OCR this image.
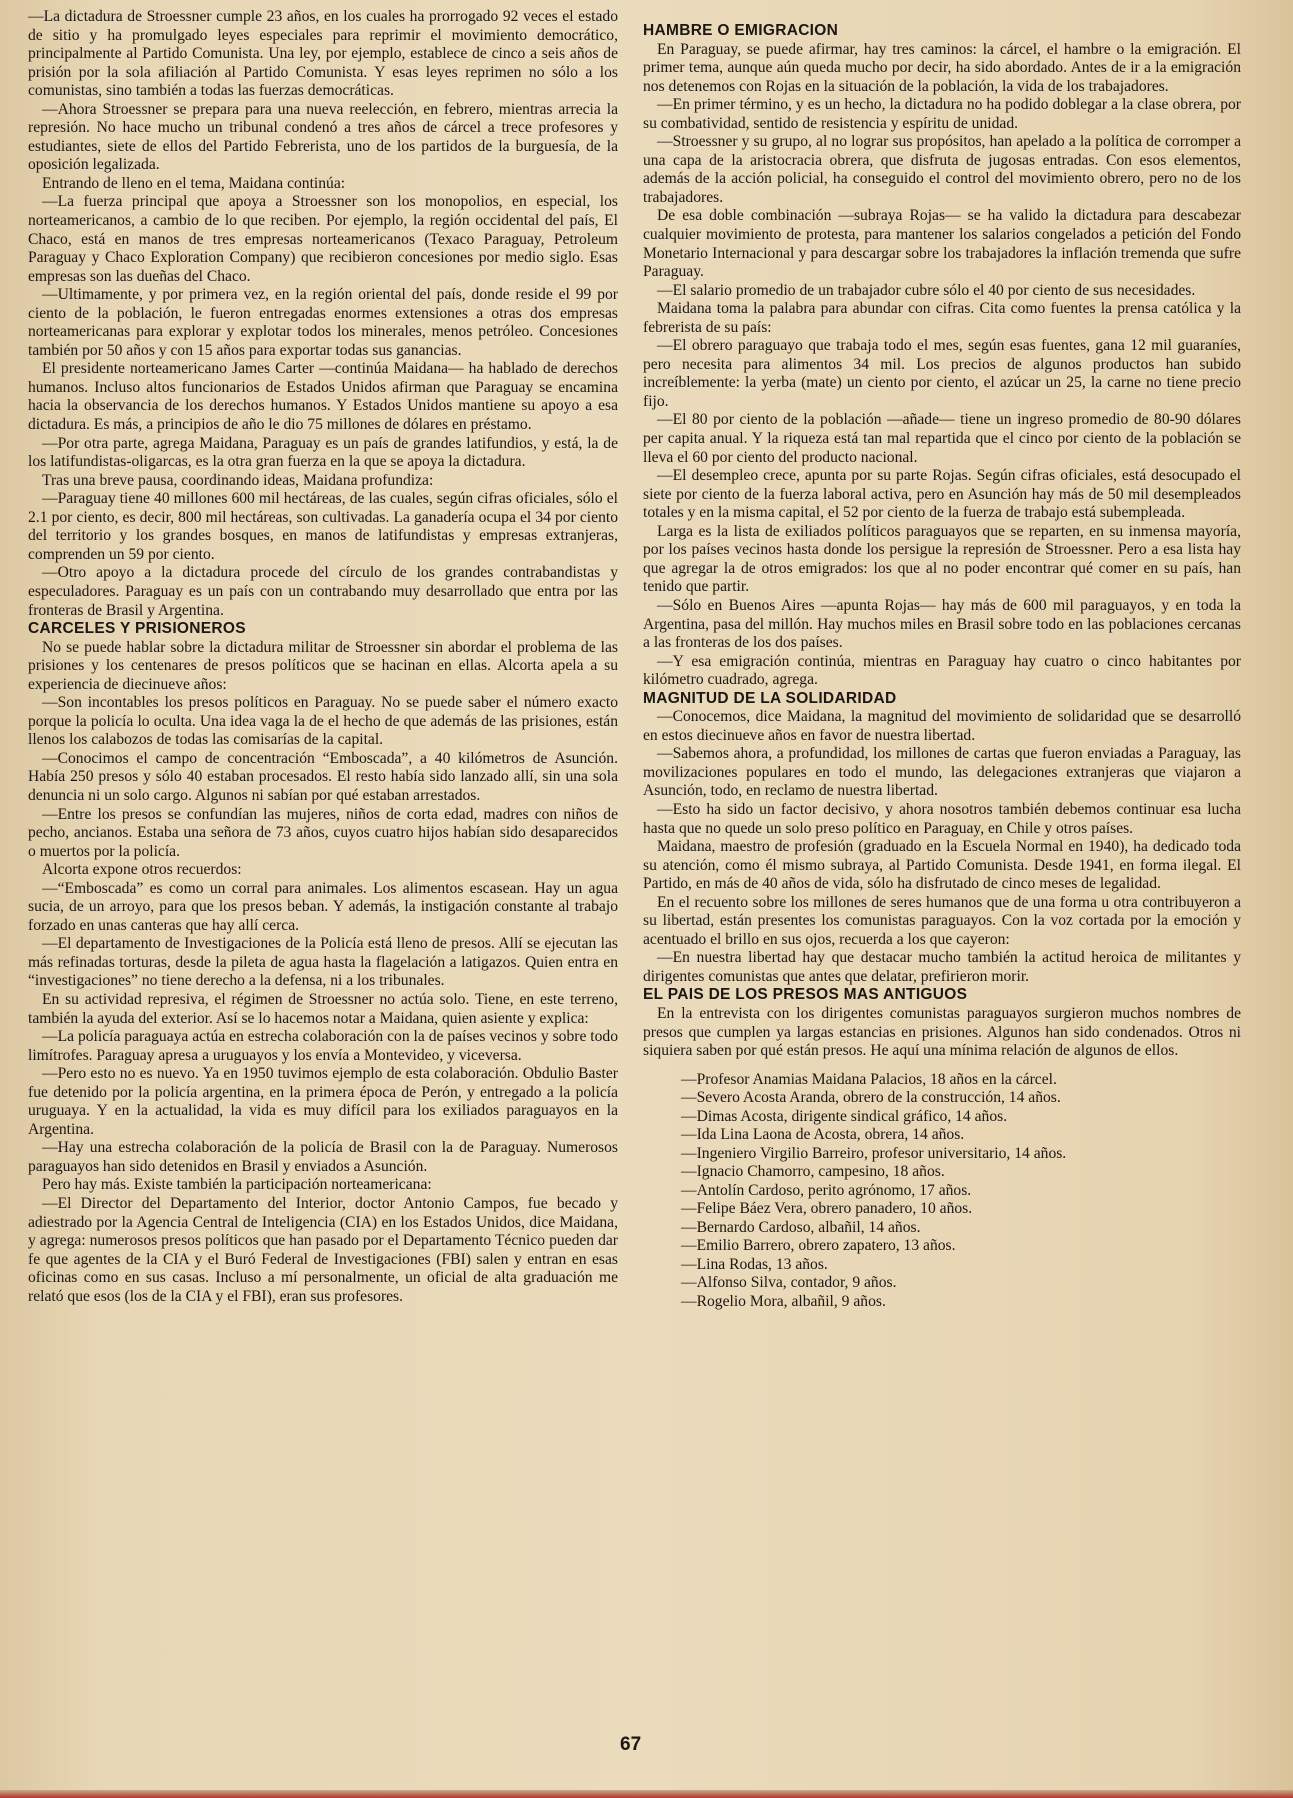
—La dictadura de Stroessner cumple 23 años, en los cuales ha prorrogado 92 veces el estado de sitio y ha promulgado leyes especiales para reprimir el movimiento democrático, principalmente al Partido Comunista. Una ley, por ejemplo, establece de cinco a seis años de prisión por la sola afiliación al Partido Comunista. Y esas leyes reprimen no sólo a los comunistas, sino también a todas las fuerzas democráticas.

—Ahora Stroessner se prepara para una nueva reelección, en febrero, mientras arrecia la represión. No hace mucho un tribunal condenó a tres años de cárcel a trece profesores y estudiantes, siete de ellos del Partido Febrerista, uno de los partidos de la burguesía, de la oposición legalizada.

Entrando de lleno en el tema, Maidana continúa:

—La fuerza principal que apoya a Stroessner son los monopolios, en especial, los norteamericanos, a cambio de lo que reciben. Por ejemplo, la región occidental del país, El Chaco, está en manos de tres empresas norteamericanos (Texaco Paraguay, Petroleum Paraguay y Chaco Exploration Company) que recibieron concesiones por medio siglo. Esas empresas son las dueñas del Chaco.

—Ultimamente, y por primera vez, en la región oriental del país, donde reside el 99 por ciento de la población, le fueron entregadas enormes extensiones a otras dos empresas norteamericanas para explorar y explotar todos los minerales, menos petróleo. Concesiones también por 50 años y con 15 años para exportar todas sus ganancias.

El presidente norteamericano James Carter —continúa Maidana— ha hablado de derechos humanos. Incluso altos funcionarios de Estados Unidos afirman que Paraguay se encamina hacia la observancia de los derechos humanos. Y Estados Unidos mantiene su apoyo a esa dictadura. Es más, a principios de año le dio 75 millones de dólares en préstamo.

—Por otra parte, agrega Maidana, Paraguay es un país de grandes latifundios, y está, la de los latifundistas-oligarcas, es la otra gran fuerza en la que se apoya la dictadura.

Tras una breve pausa, coordinando ideas, Maidana profundiza:

—Paraguay tiene 40 millones 600 mil hectáreas, de las cuales, según cifras oficiales, sólo el 2.1 por ciento, es decir, 800 mil hectáreas, son cultivadas. La ganadería ocupa el 34 por ciento del territorio y los grandes bosques, en manos de latifundistas y empresas extranjeras, comprenden un 59 por ciento.

—Otro apoyo a la dictadura procede del círculo de los grandes contrabandistas y especuladores. Paraguay es un país con un contrabando muy desarrollado que entra por las fronteras de Brasil y Argentina.

CARCELES Y PRISIONEROS

No se puede hablar sobre la dictadura militar de Stroessner sin abordar el problema de las prisiones y los centenares de presos políticos que se hacinan en ellas. Alcorta apela a su experiencia de diecinueve años:

—Son incontables los presos políticos en Paraguay. No se puede saber el número exacto porque la policía lo oculta. Una idea vaga la de el hecho de que además de las prisiones, están llenos los calabozos de todas las comisarías de la capital.

—Conocimos el campo de concentración “Emboscada”, a 40 kilómetros de Asunción. Había 250 presos y sólo 40 estaban procesados. El resto había sido lanzado allí, sin una sola denuncia ni un solo cargo. Algunos ni sabían por qué estaban arrestados.

—Entre los presos se confundían las mujeres, niños de corta edad, madres con niños de pecho, ancianos. Estaba una señora de 73 años, cuyos cuatro hijos habían sido desaparecidos o muertos por la policía.

Alcorta expone otros recuerdos:

—“Emboscada” es como un corral para animales. Los alimentos escasean. Hay un agua sucia, de un arroyo, para que los presos beban. Y además, la instigación constante al trabajo forzado en unas canteras que hay allí cerca.

—El departamento de Investigaciones de la Policía está lleno de presos. Allí se ejecutan las más refinadas torturas, desde la pileta de agua hasta la flagelación a latigazos. Quien entra en “investigaciones” no tiene derecho a la defensa, ni a los tribunales.

En su actividad represiva, el régimen de Stroessner no actúa solo. Tiene, en este terreno, también la ayuda del exterior. Así se lo hacemos notar a Maidana, quien asiente y explica:

—La policía paraguaya actúa en estrecha colaboración con la de países vecinos y sobre todo limítrofes. Paraguay apresa a uruguayos y los envía a Montevideo, y viceversa.

—Pero esto no es nuevo. Ya en 1950 tuvimos ejemplo de esta colaboración. Obdulio Baster fue detenido por la policía argentina, en la primera época de Perón, y entregado a la policía uruguaya. Y en la actualidad, la vida es muy difícil para los exiliados paraguayos en la Argentina.

—Hay una estrecha colaboración de la policía de Brasil con la de Paraguay. Numerosos paraguayos han sido detenidos en Brasil y enviados a Asunción.

Pero hay más. Existe también la participación norteamericana:

—El Director del Departamento del Interior, doctor Antonio Campos, fue becado y adiestrado por la Agencia Central de Inteligencia (CIA) en los Estados Unidos, dice Maidana, y agrega: numerosos presos políticos que han pasado por el Departamento Técnico pueden dar fe que agentes de la CIA y el Buró Federal de Investigaciones (FBI) salen y entran en esas oficinas como en sus casas. Incluso a mí personalmente, un oficial de alta graduación me relató que esos (los de la CIA y el FBI), eran sus profesores.

HAMBRE O EMIGRACION

En Paraguay, se puede afirmar, hay tres caminos: la cárcel, el hambre o la emigración. El primer tema, aunque aún queda mucho por decir, ha sido abordado. Antes de ir a la emigración nos detenemos con Rojas en la situación de la población, la vida de los trabajadores.

—En primer término, y es un hecho, la dictadura no ha podido doblegar a la clase obrera, por su combatividad, sentido de resistencia y espíritu de unidad.

—Stroessner y su grupo, al no lograr sus propósitos, han apelado a la política de corromper a una capa de la aristocracia obrera, que disfruta de jugosas entradas. Con esos elementos, además de la acción policial, ha conseguido el control del movimiento obrero, pero no de los trabajadores.

De esa doble combinación —subraya Rojas— se ha valido la dictadura para descabezar cualquier movimiento de protesta, para mantener los salarios congelados a petición del Fondo Monetario Internacional y para descargar sobre los trabajadores la inflación tremenda que sufre Paraguay.

—El salario promedio de un trabajador cubre sólo el 40 por ciento de sus necesidades.

Maidana toma la palabra para abundar con cifras. Cita como fuentes la prensa católica y la febrerista de su país:

—El obrero paraguayo que trabaja todo el mes, según esas fuentes, gana 12 mil guaraníes, pero necesita para alimentos 34 mil. Los precios de algunos productos han subido increíblemente: la yerba (mate) un ciento por ciento, el azúcar un 25, la carne no tiene precio fijo.

—El 80 por ciento de la población —añade— tiene un ingreso promedio de 80-90 dólares per capita anual. Y la riqueza está tan mal repartida que el cinco por ciento de la población se lleva el 60 por ciento del producto nacional.

—El desempleo crece, apunta por su parte Rojas. Según cifras oficiales, está desocupado el siete por ciento de la fuerza laboral activa, pero en Asunción hay más de 50 mil desempleados totales y en la misma capital, el 52 por ciento de la fuerza de trabajo está subempleada.

Larga es la lista de exiliados políticos paraguayos que se reparten, en su inmensa mayoría, por los países vecinos hasta donde los persigue la represión de Stroessner. Pero a esa lista hay que agregar la de otros emigrados: los que al no poder encontrar qué comer en su país, han tenido que partir.

—Sólo en Buenos Aires —apunta Rojas— hay más de 600 mil paraguayos, y en toda la Argentina, pasa del millón. Hay muchos miles en Brasil sobre todo en las poblaciones cercanas a las fronteras de los dos países.

—Y esa emigración continúa, mientras en Paraguay hay cuatro o cinco habitantes por kilómetro cuadrado, agrega.

MAGNITUD DE LA SOLIDARIDAD

—Conocemos, dice Maidana, la magnitud del movimiento de solidaridad que se desarrolló en estos diecinueve años en favor de nuestra libertad.

—Sabemos ahora, a profundidad, los millones de cartas que fueron enviadas a Paraguay, las movilizaciones populares en todo el mundo, las delegaciones extranjeras que viajaron a Asunción, todo, en reclamo de nuestra libertad.

—Esto ha sido un factor decisivo, y ahora nosotros también debemos continuar esa lucha hasta que no quede un solo preso político en Paraguay, en Chile y otros países.

Maidana, maestro de profesión (graduado en la Escuela Normal en 1940), ha dedicado toda su atención, como él mismo subraya, al Partido Comunista. Desde 1941, en forma ilegal. El Partido, en más de 40 años de vida, sólo ha disfrutado de cinco meses de legalidad.

En el recuento sobre los millones de seres humanos que de una forma u otra contribuyeron a su libertad, están presentes los comunistas paraguayos. Con la voz cortada por la emoción y acentuado el brillo en sus ojos, recuerda a los que cayeron:

—En nuestra libertad hay que destacar mucho también la actitud heroica de militantes y dirigentes comunistas que antes que delatar, prefirieron morir.

EL PAIS DE LOS PRESOS MAS ANTIGUOS

En la entrevista con los dirigentes comunistas paraguayos surgieron muchos nombres de presos que cumplen ya largas estancias en prisiones. Algunos han sido condenados. Otros ni siquiera saben por qué están presos. He aquí una mínima relación de algunos de ellos.

—Profesor Anamias Maidana Palacios, 18 años en la cárcel.
—Severo Acosta Aranda, obrero de la construcción, 14 años.
—Dimas Acosta, dirigente sindical gráfico, 14 años.
—Ida Lina Laona de Acosta, obrera, 14 años.
—Ingeniero Virgilio Barreiro, profesor universitario, 14 años.
—Ignacio Chamorro, campesino, 18 años.
—Antolín Cardoso, perito agrónomo, 17 años.
—Felipe Báez Vera, obrero panadero, 10 años.
—Bernardo Cardoso, albañil, 14 años.
—Emilio Barrero, obrero zapatero, 13 años.
—Lina Rodas, 13 años.
—Alfonso Silva, contador, 9 años.
—Rogelio Mora, albañil, 9 años.
67
